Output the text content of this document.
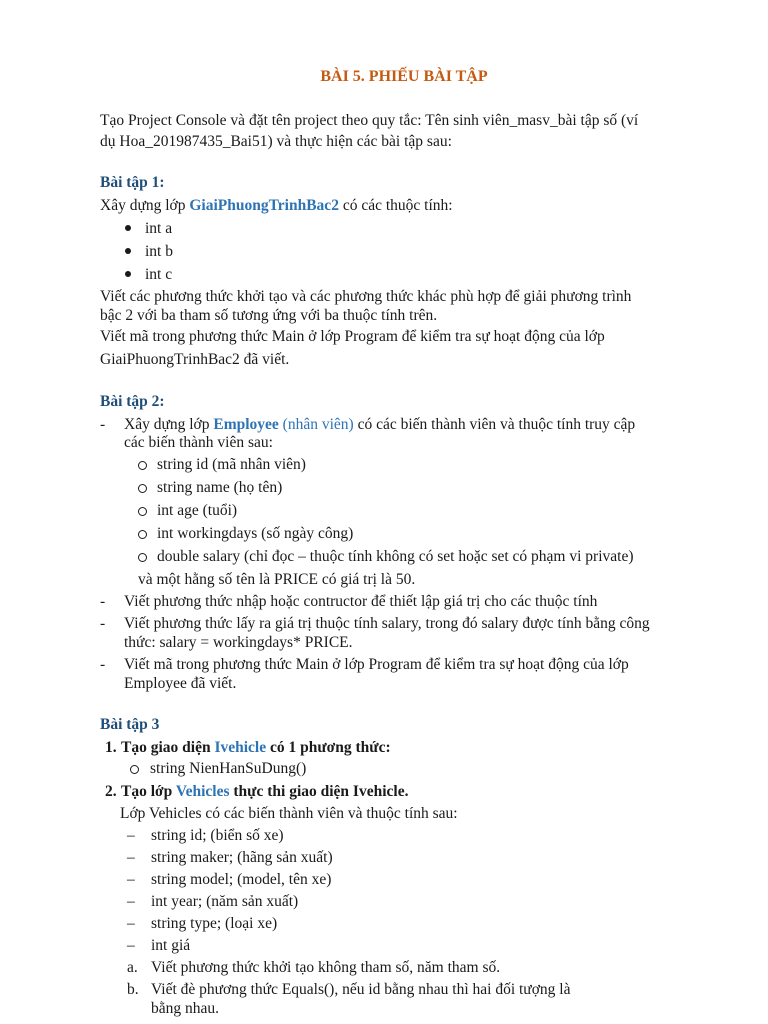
BÀI 5. PHIẾU BÀI TẬP
Tạo Project Console và đặt tên project theo quy tắc: Tên sinh viên_masv_bài tập số (ví
dụ Hoa_201987435_Bai51) và thực hiện các bài tập sau:
Bài tập 1:
Xây dựng lớp GiaiPhuongTrinhBac2 có các thuộc tính:
int a
int b
int c
Viết các phương thức khởi tạo và các phương thức khác phù hợp để giải phương trình
bậc 2 với ba tham số tương ứng với ba thuộc tính trên.
Viết mã trong phương thức Main ở lớp Program để kiểm tra sự hoạt động của lớp
GiaiPhuongTrinhBac2 đã viết.
Bài tập 2:
- Xây dựng lớp Employee (nhân viên) có các biến thành viên và thuộc tính truy cập
các biến thành viên sau:
string id (mã nhân viên)
string name (họ tên)
int age (tuổi)
int workingdays (số ngày công)
double salary (chỉ đọc – thuộc tính không có set hoặc set có phạm vi private)
và một hằng số tên là PRICE có giá trị là 50.
- Viết phương thức nhập hoặc contructor để thiết lập giá trị cho các thuộc tính
- Viết phương thức lấy ra giá trị thuộc tính salary, trong đó salary được tính bằng công
thức: salary = workingdays* PRICE.
- Viết mã trong phương thức Main ở lớp Program để kiểm tra sự hoạt động của lớp
Employee đã viết.
Bài tập 3
1. Tạo giao diện Ivehicle có 1 phương thức:
string NienHanSuDung()
2. Tạo lớp Vehicles thực thi giao diện Ivehicle.
Lớp Vehicles có các biến thành viên và thuộc tính sau:
– string id; (biển số xe)
– string maker; (hãng sản xuất)
– string model; (model, tên xe)
– int year; (năm sản xuất)
– string type; (loại xe)
– int giá
a. Viết phương thức khởi tạo không tham số, năm tham số.
b. Viết đè phương thức Equals(), nếu id bằng nhau thì hai đối tượng là
bằng nhau.
